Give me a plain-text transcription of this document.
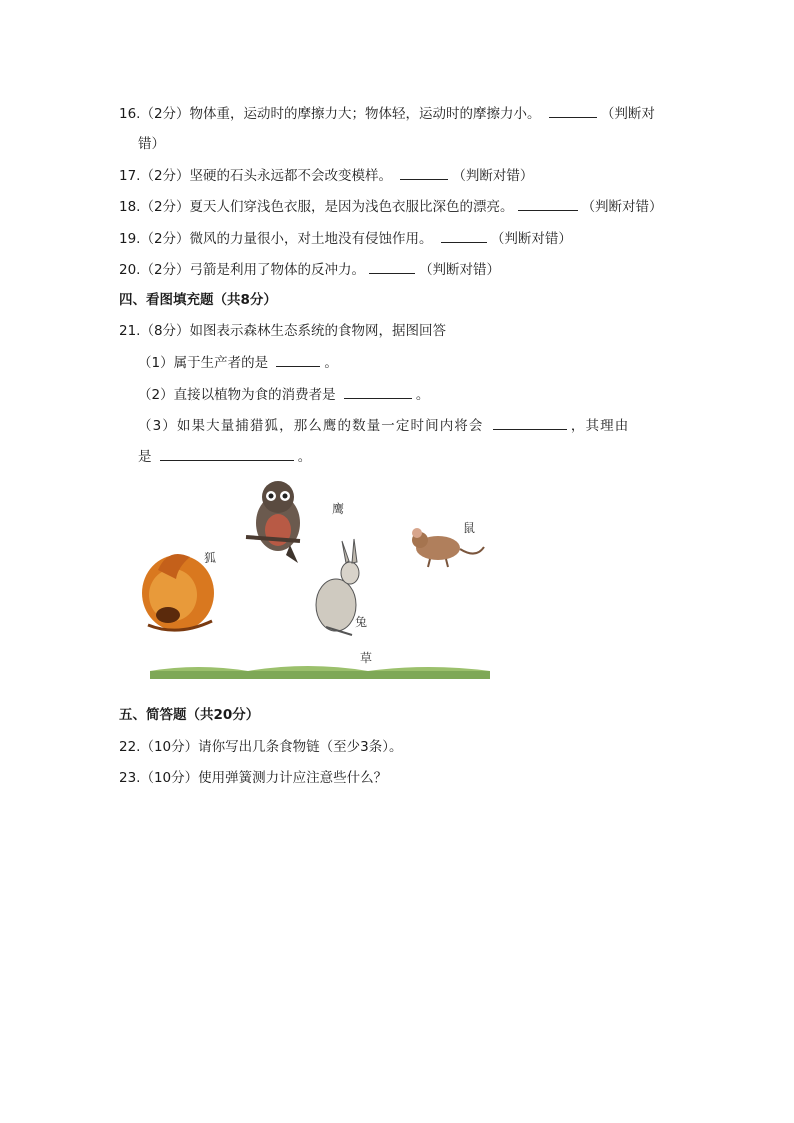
16.（2分）物体重，运动时的摩擦力大；物体轻，运动时的摩擦力小。	（判断对
错）
17.（2分）坚硬的石头永远都不会改变模样。	（判断对错）
18.（2分）夏天人们穿浅色衣服，是因为浅色衣服比深色的漂亮。	（判断对错）
19.（2分）微风的力量很小，对土地没有侵蚀作用。	（判断对错）
20.（2分）弓箭是利用了物体的反冲力。	（判断对错）
四、看图填充题（共8分）
21.（8分）如图表示森林生态系统的食物网，据图回答
（1）属于生产者的是	。
（2）直接以植物为食的消费者是	。
（3）如果大量捕猎狐，那么鹰的数量一定时间内将会	，其理由
是	。
狐
鹰
鼠
兔
草
五、简答题（共20分）
22.（10分）请你写出几条食物链（至少3条）。
23.（10分）使用弹簧测力计应注意些什么？
